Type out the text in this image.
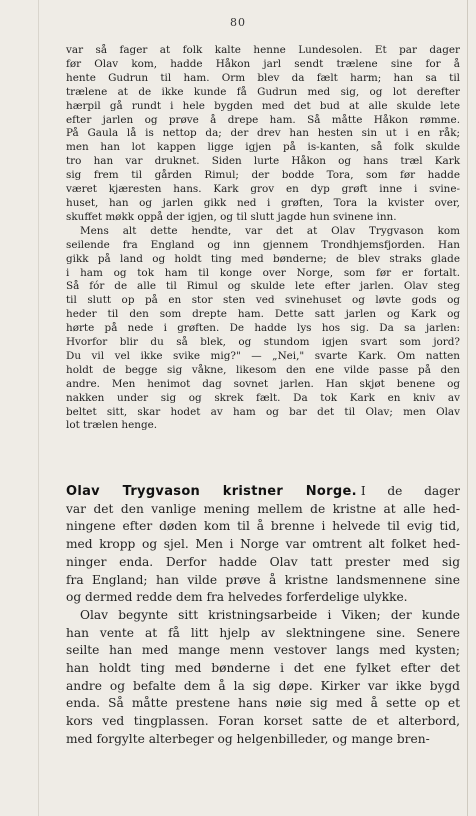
80
var så fager at folk kalte henne Lundesolen. Et par dager
før Olav kom, hadde Håkon jarl sendt trælene sine for å
hente Gudrun til ham. Orm blev da fælt harm; han sa til
trælene at de ikke kunde få Gudrun med sig, og lot derefter
hærpil gå rundt i hele bygden med det bud at alle skulde lete
efter jarlen og prøve å drepe ham. Så måtte Håkon rømme.
På Gaula lå is nettop da; der drev han hesten sin ut i en råk;
men han lot kappen ligge igjen på is-kanten, så folk skulde
tro han var druknet. Siden lurte Håkon og hans træl Kark
sig frem til gården Rimul; der bodde Tora, som før hadde
været kjæresten hans. Kark grov en dyp grøft inne i svine-
huset, han og jarlen gikk ned i grøften, Tora la kvister over,
skuffet møkk oppå der igjen, og til slutt jagde hun svinene inn.
Mens alt dette hendte, var det at Olav Trygvason kom
seilende fra England og inn gjennem Trondhjemsfjorden. Han
gikk på land og holdt ting med bønderne; de blev straks glade
i ham og tok ham til konge over Norge, som før er fortalt.
Så fór de alle til Rimul og skulde lete efter jarlen. Olav steg
til slutt op på en stor sten ved svinehuset og løvte gods og
heder til den som drepte ham. Dette satt jarlen og Kark og
hørte på nede i grøften. De hadde lys hos sig. Da sa jarlen:
Hvorfor blir du så blek, og stundom igjen svart som jord?
Du vil vel ikke svike mig?" — „Nei," svarte Kark. Om natten
holdt de begge sig våkne, likesom den ene vilde passe på den
andre. Men henimot dag sovnet jarlen. Han skjøt benene og
nakken under sig og skrek fælt. Da tok Kark en kniv av
beltet sitt, skar hodet av ham og bar det til Olav; men Olav
lot trælen henge.
Olav Trygvason kristner Norge. I de dager
var det den vanlige mening mellem de kristne at alle hed-
ningene efter døden kom til å brenne i helvede til evig tid,
med kropp og sjel. Men i Norge var omtrent alt folket hed-
ninger enda. Derfor hadde Olav tatt prester med sig
fra England; han vilde prøve å kristne landsmennene sine
og dermed redde dem fra helvedes forferdelige ulykke.
Olav begynte sitt kristningsarbeide i Viken; der kunde
han vente at få litt hjelp av slektningene sine. Senere
seilte han med mange menn vestover langs med kysten;
han holdt ting med bønderne i det ene fylket efter det
andre og befalte dem å la sig døpe. Kirker var ikke bygd
enda. Så måtte prestene hans nøie sig med å sette op et
kors ved tingplassen. Foran korset satte de et alterbord,
med forgylte alterbeger og helgenbilleder, og mange bren-
